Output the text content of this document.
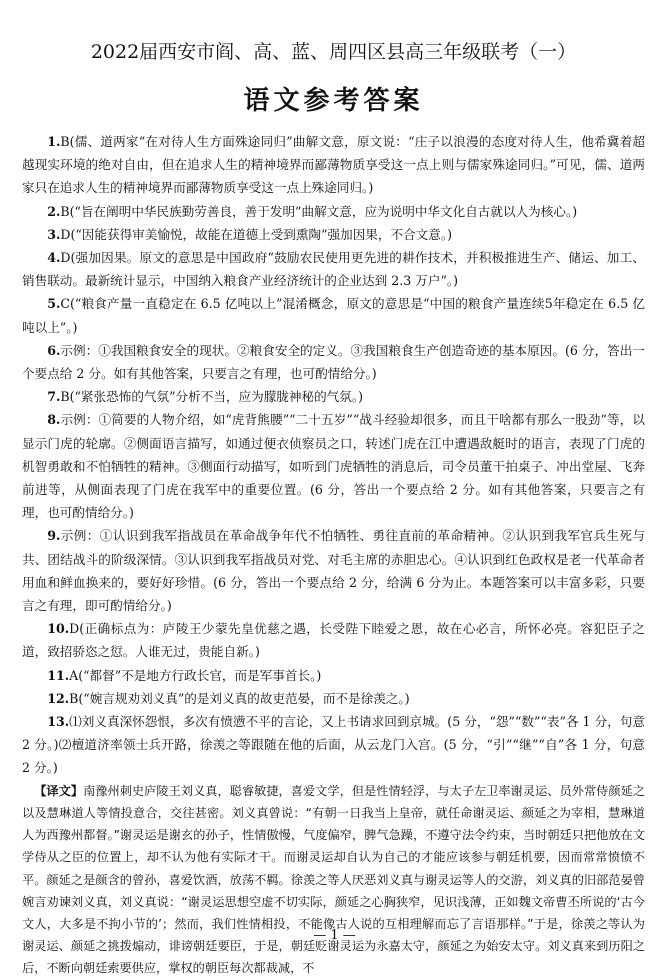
2022届西安市阎、高、蓝、周四区县高三年级联考（一）
语文参考答案

1.B(儒、道两家“在对待人生方面殊途同归”曲解文意，原文说：“庄子以浪漫的态度对待人生，他希冀着超越现实环境的绝对自由，但在追求人生的精神境界而鄙薄物质享受这一点上则与儒家殊途同归。”可见，儒、道两家只在追求人生的精神境界而鄙薄物质享受这一点上殊途同归。)

2.B(“旨在阐明中华民族勤劳善良，善于发明”曲解文意，应为说明中华文化自古就以人为核心。)

3.D(“因能获得审美愉悦，故能在道德上受到熏陶”强加因果，不合文意。)

4.D(强加因果。原文的意思是中国政府“鼓励农民使用更先进的耕作技术，并积极推进生产、储运、加工、销售联动。最新统计显示，中国纳入粮食产业经济统计的企业达到 2.3 万户”。)

5.C(“粮食产量一直稳定在 6.5 亿吨以上”混淆概念，原文的意思是“中国的粮食产量连续5年稳定在 6.5 亿吨以上”。)

6.示例：①我国粮食安全的现状。②粮食安全的定义。③我国粮食生产创造奇迹的基本原因。(6 分，答出一个要点给 2 分。如有其他答案，只要言之有理，也可酌情给分。)

7.B(“紧张恐怖的气氛”分析不当，应为朦胧神秘的气氛。)

8.示例：①简要的人物介绍，如“虎背熊腰”“二十五岁”“战斗经验却很多，而且干啥都有那么一股劲”等，以显示门虎的轮廓。②侧面语言描写，如通过便衣侦察员之口，转述门虎在江中遭遇敌艇时的语言，表现了门虎的机智勇敢和不怕牺牲的精神。③侧面行动描写，如听到门虎牺牲的消息后，司令员董干拍桌子、冲出堂屋、飞奔前进等，从侧面表现了门虎在我军中的重要位置。(6 分，答出一个要点给 2 分。如有其他答案，只要言之有理，也可酌情给分。)

9.示例：①认识到我军指战员在革命战争年代不怕牺牲、勇往直前的革命精神。②认识到我军官兵生死与共、团结战斗的阶级深情。③认识到我军指战员对党、对毛主席的赤胆忠心。④认识到红色政权是老一代革命者用血和鲜血换来的，要好好珍惜。(6 分，答出一个要点给 2 分，给满 6 分为止。本题答案可以丰富多彩，只要言之有理，即可酌情给分。)

10.D(正确标点为：庐陵王少蒙先皇优慈之遇，长受陛下睦爱之恩，故在心必言，所怀必亮。容犯臣子之道，致招骄恣之愆。人谁无过，贵能自新。)

11.A(“都督”不是地方行政长官，而是军事首长。)

12.B(“婉言规劝刘义真”的是刘义真的故吏范晏，而不是徐羡之。)

13.⑴刘义真深怀怨恨，多次有愤懑不平的言论，又上书请求回到京城。(5 分，“怨”“数”“表”各 1 分，句意 2 分。)⑵檀道济率领士兵开路，徐羡之等跟随在他的后面，从云龙门入宫。(5 分，“引”“继”“自”各 1 分，句意 2 分。)

【译文】南豫州刺史庐陵王刘义真，聪睿敏捷，喜爱文学，但是性情轻浮，与太子左卫率谢灵运、员外常侍颜延之以及慧琳道人等情投意合，交往甚密。刘义真曾说：“有朝一日我当上皇帝，就任命谢灵运、颜延之为宰相，慧琳道人为西豫州都督。”谢灵运是谢玄的孙子，性情傲慢，气度偏窄，脾气急躁，不遵守法令约束，当时朝廷只把他放在文学侍从之臣的位置上，却不认为他有实际才干。而谢灵运却自认为自己的才能应该参与朝廷机要，因而常常愤愤不平。颜延之是颜含的曾孙，喜爱饮酒，放荡不羁。徐羡之等人厌恶刘义真与谢灵运等人的交游，刘义真的旧部范晏曾婉言劝谏刘义真，刘义真说：“谢灵运思想空虚不切实际，颜延之心胸狭窄，见识浅薄，正如魏文帝曹丕所说的‘古今文人，大多是不拘小节的’；然而，我们性情相投，不能像古人说的互相理解而忘了言语那样。”于是，徐羡之等认为谢灵运、颜延之挑拨煽动，诽谤朝廷要臣，于是，朝廷贬谢灵运为永嘉太守，颜延之为始安太守。刘义真来到历阳之后，不断向朝廷索要供应，掌权的朝臣每次都裁减，不

— 1 —
